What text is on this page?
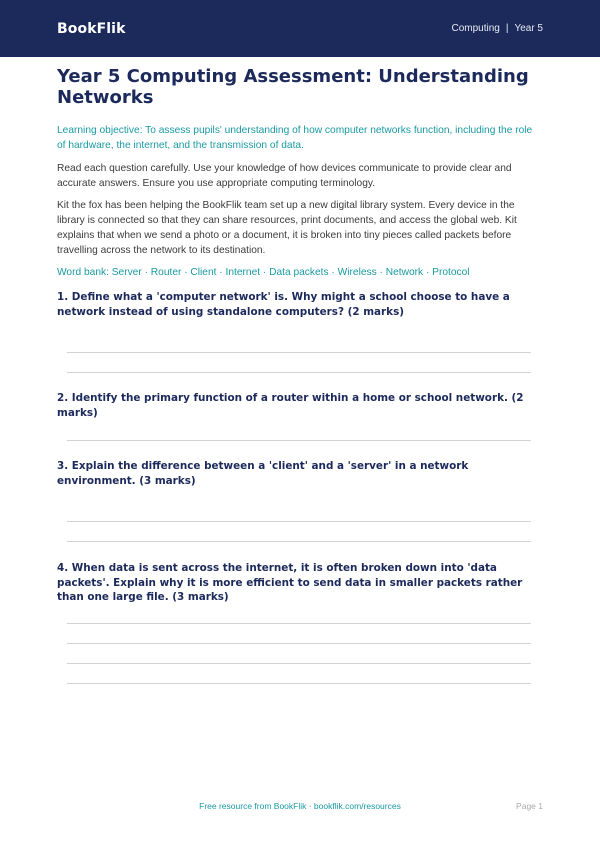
BookFlik	Computing | Year 5
Year 5 Computing Assessment: Understanding Networks

Learning objective: To assess pupils' understanding of how computer networks function, including the role of hardware, the internet, and the transmission of data.

Read each question carefully. Use your knowledge of how devices communicate to provide clear and accurate answers. Ensure you use appropriate computing terminology.

Kit the fox has been helping the BookFlik team set up a new digital library system. Every device in the library is connected so that they can share resources, print documents, and access the global web. Kit explains that when we send a photo or a document, it is broken into tiny pieces called packets before travelling across the network to its destination.

Word bank: Server · Router · Client · Internet · Data packets · Wireless · Network · Protocol

1. Define what a 'computer network' is. Why might a school choose to have a network instead of using standalone computers? (2 marks)
2. Identify the primary function of a router within a home or school network. (2 marks)
3. Explain the difference between a 'client' and a 'server' in a network environment. (3 marks)
4. When data is sent across the internet, it is often broken down into 'data packets'. Explain why it is more efficient to send data in smaller packets rather than one large file. (3 marks)
Free resource from BookFlik · bookflik.com/resources	Page 1
